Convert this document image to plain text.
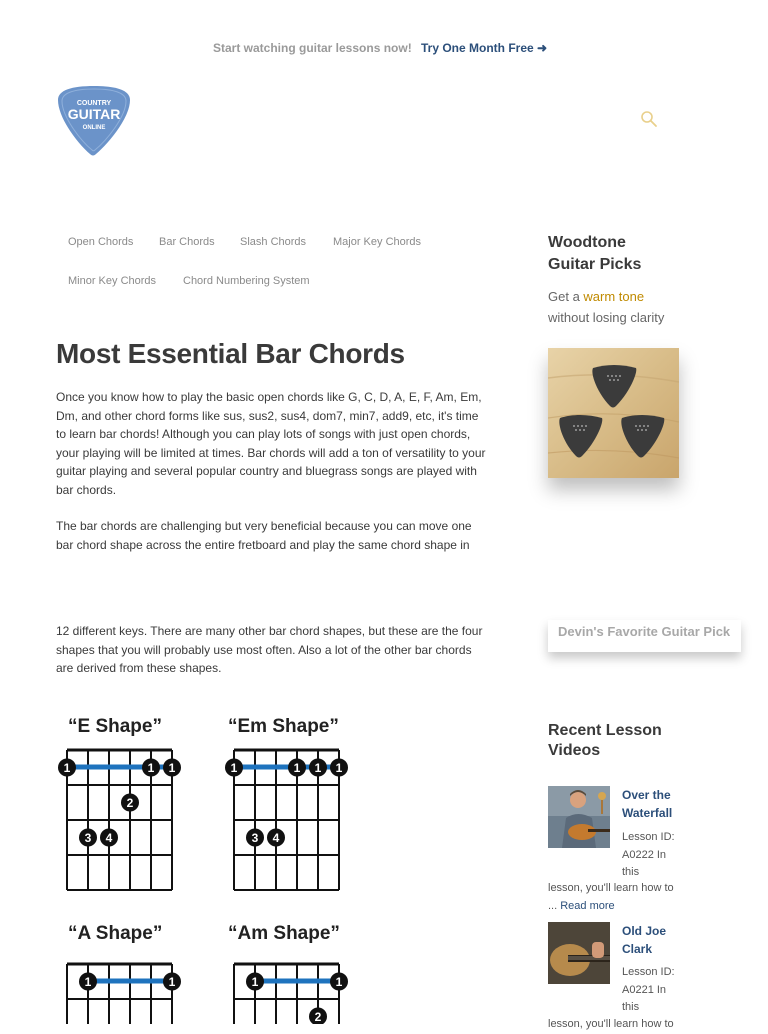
Start watching guitar lessons now! Try One Month Free ➜
COUNTRY
GUITAR
ONLINE
Open Chords Bar Chords Slash Chords Major Key Chords
Minor Key Chords Chord Numbering System
Most Essential Bar Chords

Once you know how to play the basic open chords like G, C, D, A, E, F, Am, Em, Dm, and other chord forms like sus, sus2, sus4, dom7, min7, add9, etc, it's time to learn bar chords! Although you can play lots of songs with just open chords, your playing will be limited at times. Bar chords will add a ton of versatility to your guitar playing and several popular country and bluegrass songs are played with bar chords.

The bar chords are challenging but very beneficial because you can move one bar chord shape across the entire fretboard and play the same chord shape in

12 different keys. There are many other bar chord shapes, but these are the four shapes that you will probably use most often. Also a lot of the other bar chords are derived from these shapes.

“E Shape”	“Em Shape”
“A Shape”	“Am Shape”
1	1 1
2
3 4
1	1 1 1
3 4
1	1	1	1
2
Woodtone
Guitar Picks
Get a warm tone
without losing clarity
Devin's Favorite Guitar Pick
Recent Lesson
Videos
Over the
Waterfall
Lesson ID:
A0222 In
this
lesson, you'll learn how to
... Read more
Old Joe
Clark
Lesson ID:
A0221 In
this
lesson, you'll learn how to
